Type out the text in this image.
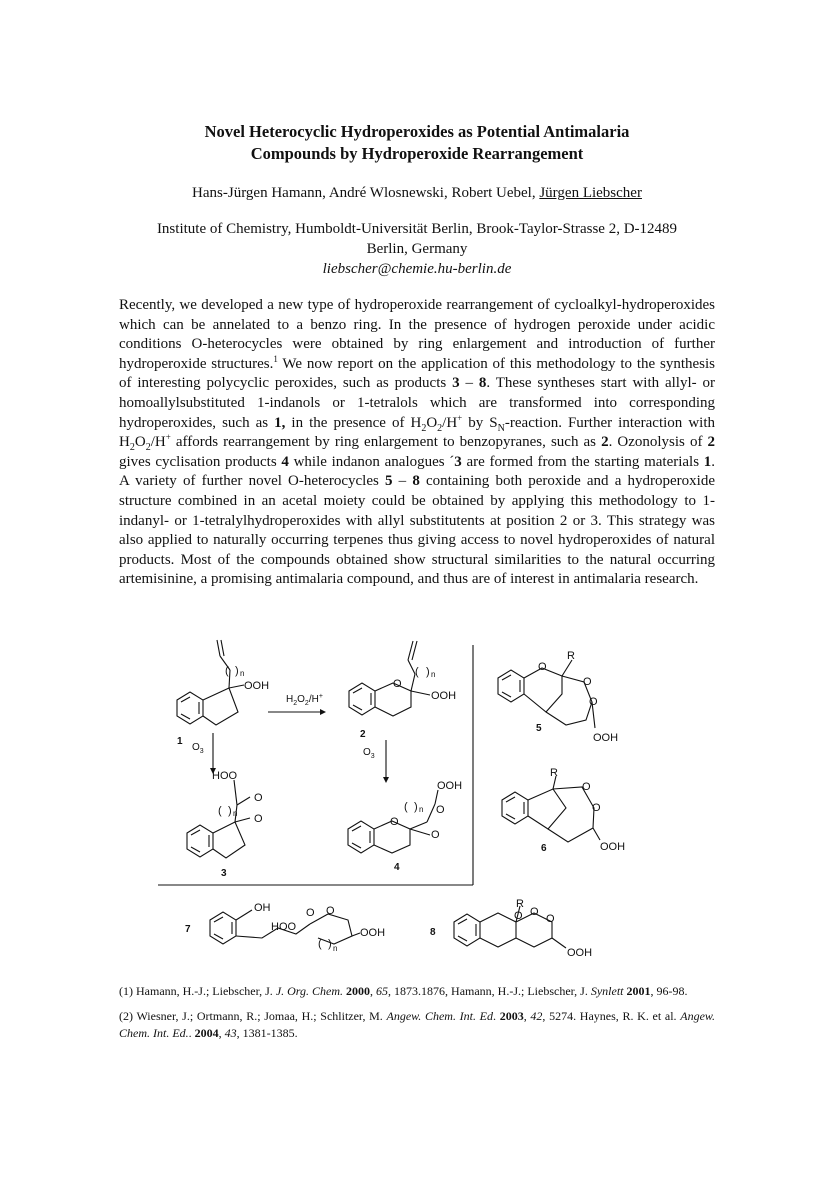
Novel Heterocyclic Hydroperoxides as Potential Antimalaria
Compounds by Hydroperoxide Rearrangement
Hans-Jürgen Hamann, André Wlosnewski, Robert Uebel, Jürgen Liebscher
Institute of Chemistry, Humboldt-Universität Berlin, Brook-Taylor-Strasse 2, D-12489
Berlin, Germany
liebscher@chemie.hu-berlin.de

Recently, we developed a new type of hydroperoxide rearrangement of cycloalkyl-hydroperoxides which can be annelated to a benzo ring. In the presence of hydrogen peroxide under acidic conditions O-heterocycles were obtained by ring enlargement and introduction of further hydroperoxide structures.$^1$ We now report on the application of this methodology to the synthesis of interesting polycyclic peroxides, such as products 3 – 8. These syntheses start with allyl- or homoallylsubstituted 1-indanols or 1-tetralols which are transformed into corresponding hydroperoxides, such as 1, in the presence of $H_2O_2/H^+$ by $S_N$-reaction. Further interaction with $H_2O_2/H^+$ affords rearrangement by ring enlargement to benzopyranes, such as 2. Ozonolysis of 2 gives cyclisation products 4 while indanon analogues ´3 are formed from the starting materials 1. A variety of further novel O-heterocycles 5 – 8 containing both peroxide and a hydroperoxide structure combined in an acetal moiety could be obtained by applying this methodology to 1-indanyl- or 1-tetralylhydroperoxides with allyl substitutents at position 2 or 3. This strategy was also applied to naturally occurring terpenes thus giving access to novel hydroperoxides of natural products. Most of the compounds obtained show structural similarities to the natural occurring artemisinine, a promising antimalaria compound, and thus are of interest in antimalaria research.

1
2
3
4
5
6
7	8
$H_2O_2/H^+$
$O_3$	$O_3$
OOH
( ) n
O
OOH
( ) n
HOO
O
O
( ) n
OOH
O
O
O
( ) n
R
O
O
O
OOH
R
O
O
OOH
OH
HOO
O O
OOH
( ) n
R
O O
O
OOH

(1) Hamann, H.-J.; Liebscher, J. J. Org. Chem. 2000, 65, 1873.1876, Hamann, H.-J.; Liebscher, J. Synlett 2001, 96-98.

(2) Wiesner, J.; Ortmann, R.; Jomaa, H.; Schlitzer, M. Angew. Chem. Int. Ed. 2003, 42, 5274. Haynes, R. K. et al. Angew. Chem. Int. Ed.. 2004, 43, 1381-1385.
